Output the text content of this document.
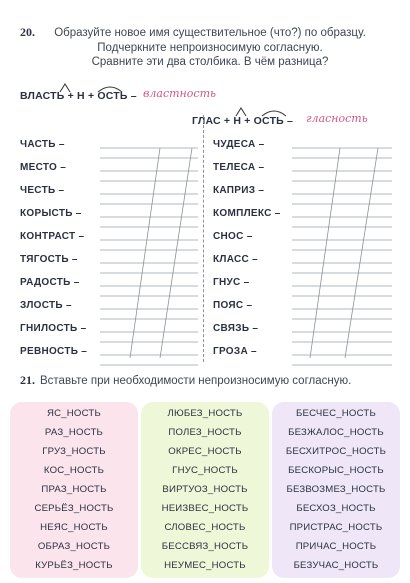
20.	Образуйте новое имя существительное (что?) по образцу.
Подчеркните непроизносимую согласную.
Сравните эти два столбика. В чём разница?
ВЛАСТЬ + Н + ОСТЬ – властность
ГЛАС + Н + ОСТЬ – гласность
ЧАСТЬ –
МЕСТО –
ЧЕСТЬ –
КОРЫСТЬ –
КОНТРАСТ –
ТЯГОСТЬ –
РАДОСТЬ –
ЗЛОСТЬ –
ГНИЛОСТЬ –
РЕВНОСТЬ –
ЧУДЕСА –
ТЕЛЕСА –
КАПРИЗ –
КОМПЛЕКС –
СНОС –
КЛАСС –
ГНУС –
ПОЯС –
СВЯЗЬ –
ГРОЗА –
21. Вставьте при необходимости непроизносимую согласную.
ЯС_НОСТЬ
РАЗ_НОСТЬ
ГРУЗ_НОСТЬ
КОС_НОСТЬ
ПРАЗ_НОСТЬ
СЕРЬЁЗ_НОСТЬ
НЕЯС_НОСТЬ
ОБРАЗ_НОСТЬ
КУРЬЁЗ_НОСТЬ
ЛЮБЕЗ_НОСТЬ
ПОЛЕЗ_НОСТЬ
ОКРЕС_НОСТЬ
ГНУС_НОСТЬ
ВИРТУОЗ_НОСТЬ
НЕИЗВЕС_НОСТЬ
СЛОВЕС_НОСТЬ
БЕССВЯЗ_НОСТЬ
НЕУМЕС_НОСТЬ
БЕСЧЕС_НОСТЬ
БЕЗЖАЛОС_НОСТЬ
БЕСХИТРОС_НОСТЬ
БЕСКОРЫС_НОСТЬ
БЕЗВОЗМЕЗ_НОСТЬ
БЕСХОЗ_НОСТЬ
ПРИСТРАС_НОСТЬ
ПРИЧАС_НОСТЬ
БЕЗУЧАС_НОСТЬ
